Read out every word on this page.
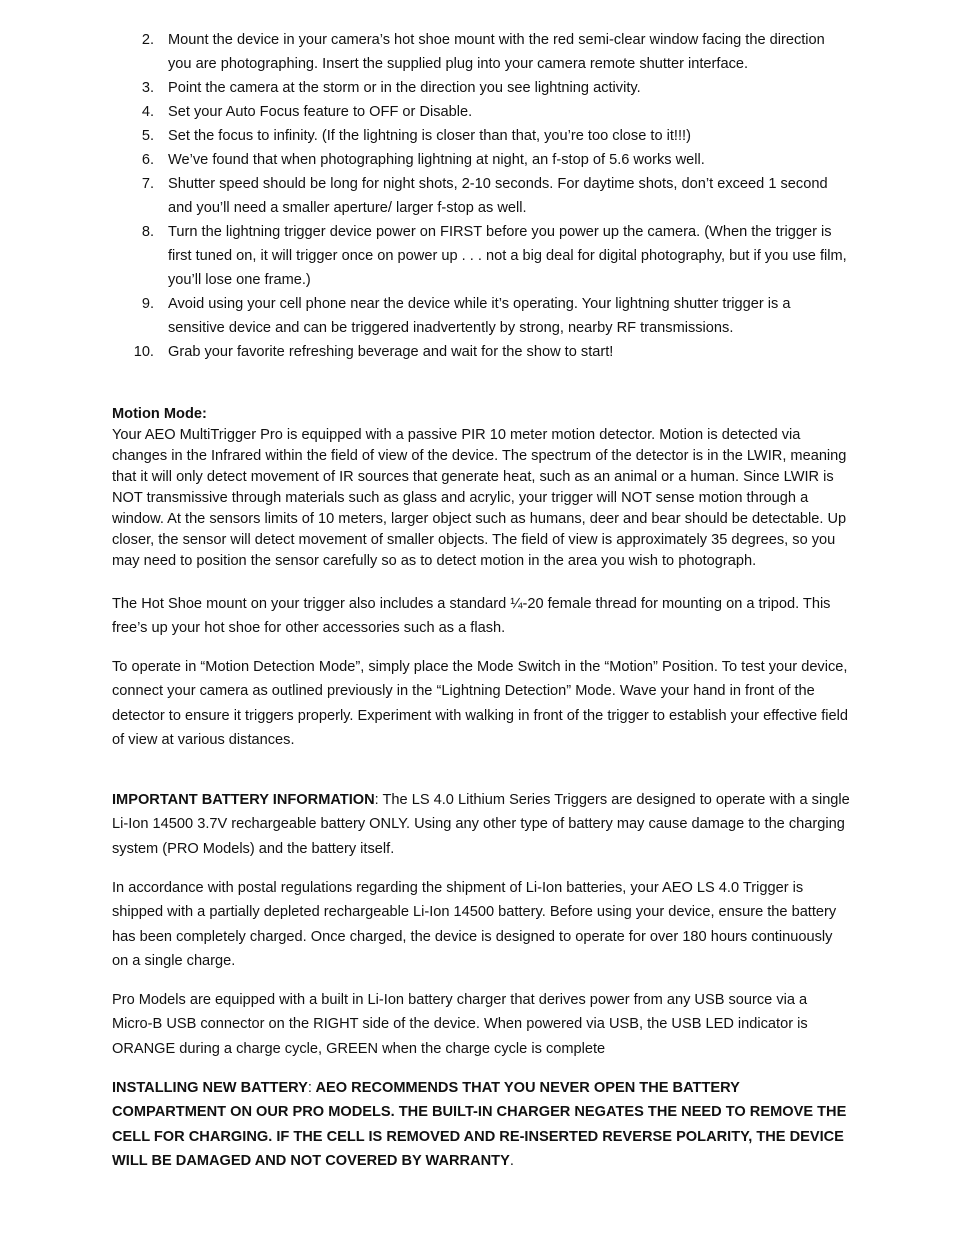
2. Mount the device in your camera’s hot shoe mount with the red semi-clear window facing the direction you are photographing. Insert the supplied plug into your camera remote shutter interface.
3. Point the camera at the storm or in the direction you see lightning activity.
4. Set your Auto Focus feature to OFF or Disable.
5. Set the focus to infinity. (If the lightning is closer than that, you’re too close to it!!!)
6. We’ve found that when photographing lightning at night, an f-stop of 5.6 works well.
7. Shutter speed should be long for night shots, 2-10 seconds. For daytime shots, don’t exceed 1 second and you’ll need a smaller aperture/ larger f-stop as well.
8. Turn the lightning trigger device power on FIRST before you power up the camera. (When the trigger is first tuned on, it will trigger once on power up . . . not a big deal for digital photography, but if you use film, you’ll lose one frame.)
9. Avoid using your cell phone near the device while it’s operating. Your lightning shutter trigger is a sensitive device and can be triggered inadvertently by strong, nearby RF transmissions.
10. Grab your favorite refreshing beverage and wait for the show to start!
Motion Mode:

Your AEO MultiTrigger Pro is equipped with a passive PIR 10 meter motion detector. Motion is detected via changes in the Infrared within the field of view of the device. The spectrum of the detector is in the LWIR, meaning that it will only detect movement of IR sources that generate heat, such as an animal or a human. Since LWIR is NOT transmissive through materials such as glass and acrylic, your trigger will NOT sense motion through a window. At the sensors limits of 10 meters, larger object such as humans, deer and bear should be detectable. Up closer, the sensor will detect movement of smaller objects. The field of view is approximately 35 degrees, so you may need to position the sensor carefully so as to detect motion in the area you wish to photograph.

The Hot Shoe mount on your trigger also includes a standard ¼-20 female thread for mounting on a tripod. This free’s up your hot shoe for other accessories such as a flash.

To operate in “Motion Detection Mode”, simply place the Mode Switch in the “Motion” Position. To test your device, connect your camera as outlined previously in the “Lightning Detection” Mode. Wave your hand in front of the detector to ensure it triggers properly. Experiment with walking in front of the trigger to establish your effective field of view at various distances.

IMPORTANT BATTERY INFORMATION: The LS 4.0 Lithium Series Triggers are designed to operate with a single Li-Ion 14500 3.7V rechargeable battery ONLY. Using any other type of battery may cause damage to the charging system (PRO Models) and the battery itself.

In accordance with postal regulations regarding the shipment of Li-Ion batteries, your AEO LS 4.0 Trigger is shipped with a partially depleted rechargeable Li-Ion 14500 battery. Before using your device, ensure the battery has been completely charged. Once charged, the device is designed to operate for over 180 hours continuously on a single charge.

Pro Models are equipped with a built in Li-Ion battery charger that derives power from any USB source via a Micro-B USB connector on the RIGHT side of the device. When powered via USB, the USB LED indicator is ORANGE during a charge cycle, GREEN when the charge cycle is complete

INSTALLING NEW BATTERY: AEO RECOMMENDS THAT YOU NEVER OPEN THE BATTERY COMPARTMENT ON OUR PRO MODELS. THE BUILT-IN CHARGER NEGATES THE NEED TO REMOVE THE CELL FOR CHARGING. IF THE CELL IS REMOVED AND RE-INSERTED REVERSE POLARITY, THE DEVICE WILL BE DAMAGED AND NOT COVERED BY WARRANTY.
